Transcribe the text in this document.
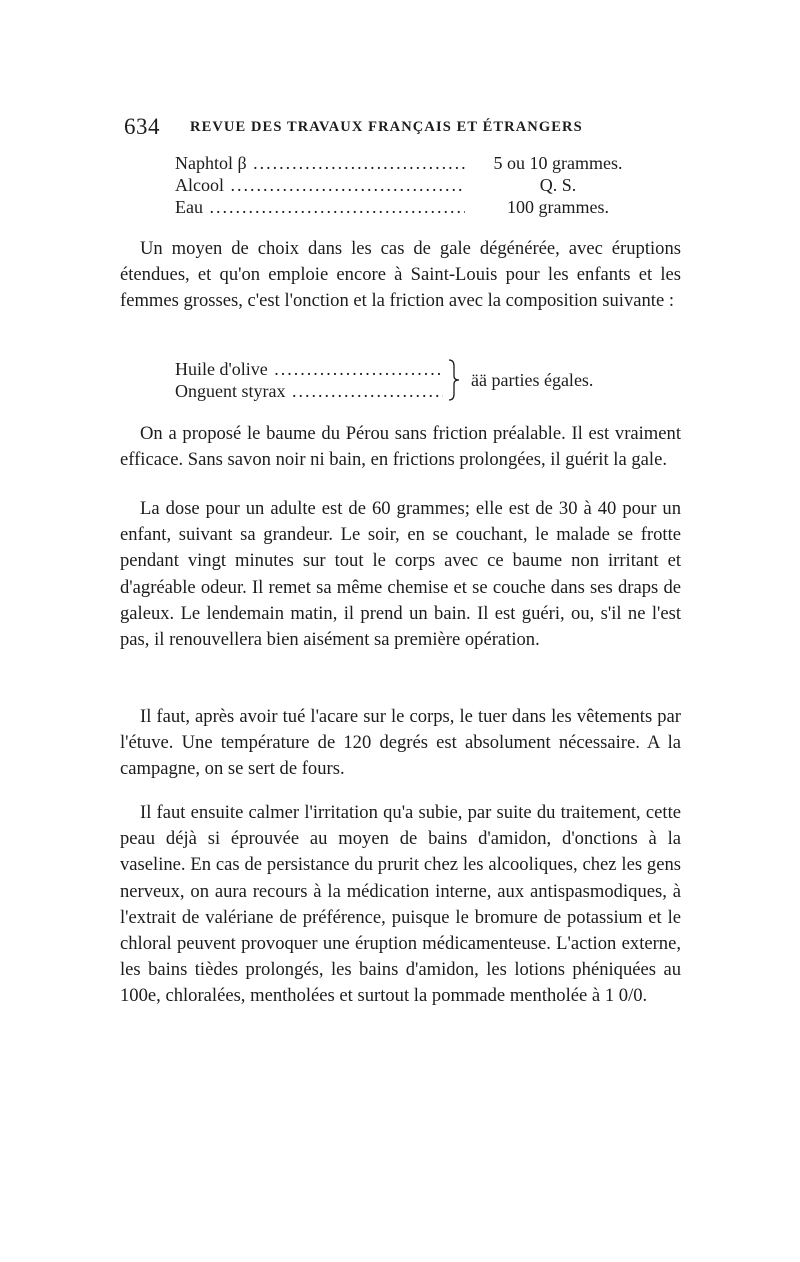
634 REVUE DES TRAVAUX FRANÇAIS ET ÉTRANGERS
Naphtol β .....	5 ou 10 grammes.
Alcool .....	Q. S.
Eau .....	100 grammes.

Un moyen de choix dans les cas de gale dégénérée, avec éruptions étendues, et qu'on emploie encore à Saint-Louis pour les enfants et les femmes grosses, c'est l'onction et la friction avec la composition suivante :

Huile d'olive .....
Onguent styrax .....
ää parties égales.

On a proposé le baume du Pérou sans friction préalable. Il est vraiment efficace. Sans savon noir ni bain, en frictions prolongées, il guérit la gale.

La dose pour un adulte est de 60 grammes; elle est de 30 à 40 pour un enfant, suivant sa grandeur. Le soir, en se couchant, le malade se frotte pendant vingt minutes sur tout le corps avec ce baume non irritant et d'agréable odeur. Il remet sa même chemise et se couche dans ses draps de galeux. Le lendemain matin, il prend un bain. Il est guéri, ou, s'il ne l'est pas, il renouvellera bien aisément sa première opération.

Il faut, après avoir tué l'acare sur le corps, le tuer dans les vêtements par l'étuve. Une température de 120 degrés est absolument nécessaire. A la campagne, on se sert de fours.

Il faut ensuite calmer l'irritation qu'a subie, par suite du traitement, cette peau déjà si éprouvée au moyen de bains d'amidon, d'onctions à la vaseline. En cas de persistance du prurit chez les alcooliques, chez les gens nerveux, on aura recours à la médication interne, aux antispasmodiques, à l'extrait de valériane de préférence, puisque le bromure de potassium et le chloral peuvent provoquer une éruption médicamenteuse. L'action externe, les bains tièdes prolongés, les bains d'amidon, les lotions phéniquées au 100e, chloralées, mentholées et surtout la pommade mentholée à 1 0/0.
